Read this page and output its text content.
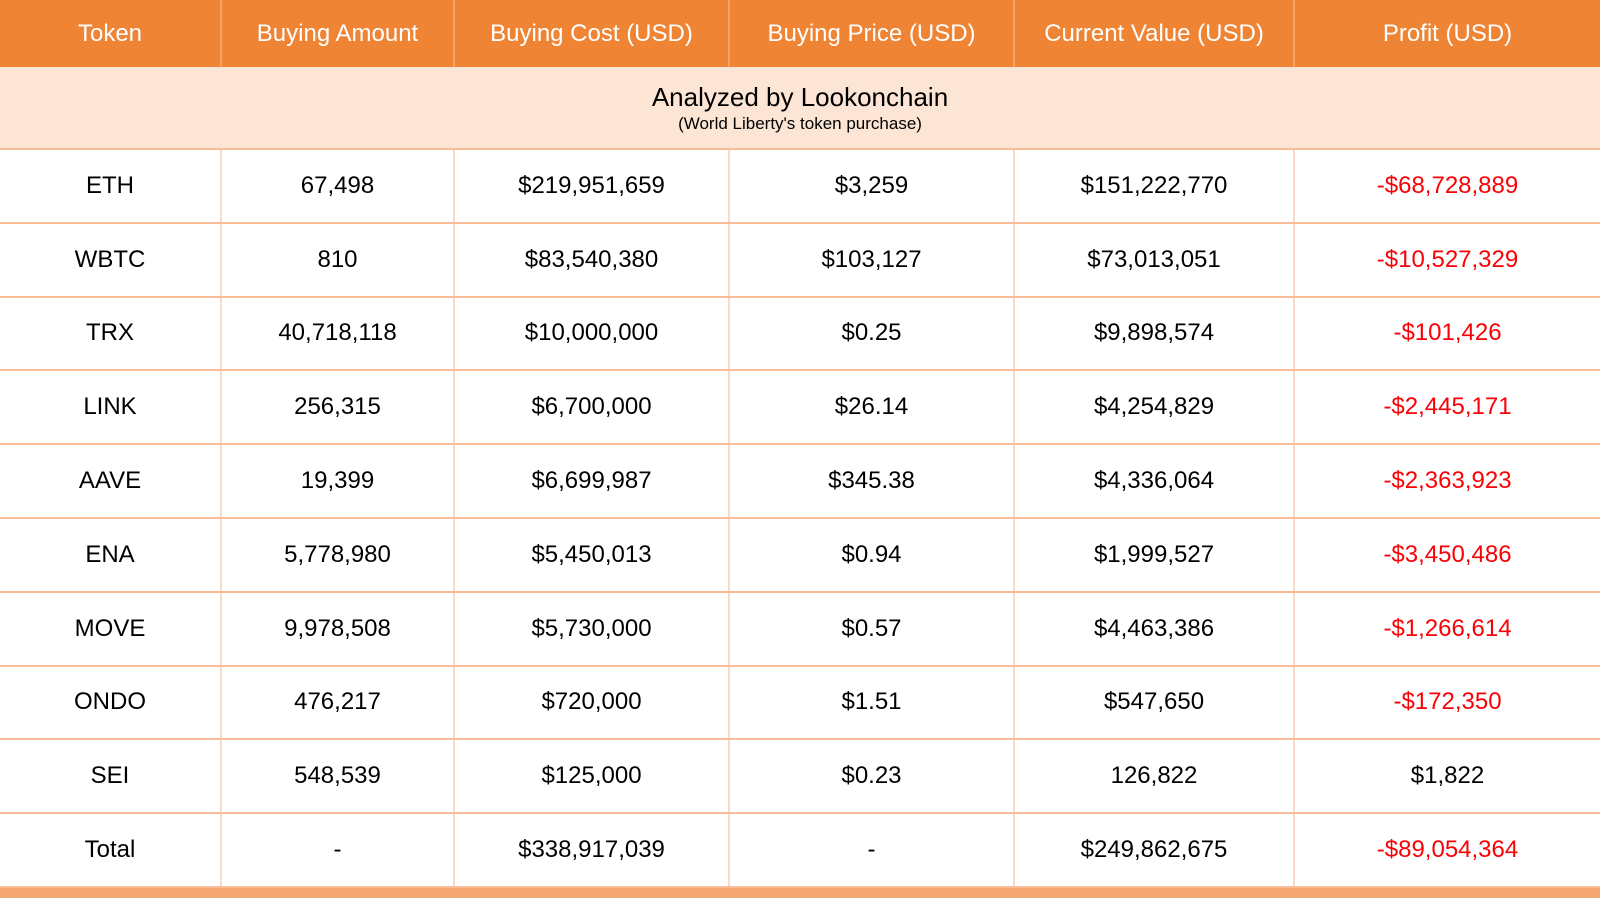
Token	Buying Amount	Buying Cost (USD)	Buying Price (USD)	Current Value (USD)	Profit (USD)
Analyzed by Lookonchain
(World Liberty's token purchase)
ETH	67,498	$219,951,659	$3,259	$151,222,770	-$68,728,889
WBTC	810	$83,540,380	$103,127	$73,013,051	-$10,527,329
TRX	40,718,118	$10,000,000	$0.25	$9,898,574	-$101,426
LINK	256,315	$6,700,000	$26.14	$4,254,829	-$2,445,171
AAVE	19,399	$6,699,987	$345.38	$4,336,064	-$2,363,923
ENA	5,778,980	$5,450,013	$0.94	$1,999,527	-$3,450,486
MOVE	9,978,508	$5,730,000	$0.57	$4,463,386	-$1,266,614
ONDO	476,217	$720,000	$1.51	$547,650	-$172,350
SEI	548,539	$125,000	$0.23	126,822	$1,822
Total	-	$338,917,039	-	$249,862,675	-$89,054,364
